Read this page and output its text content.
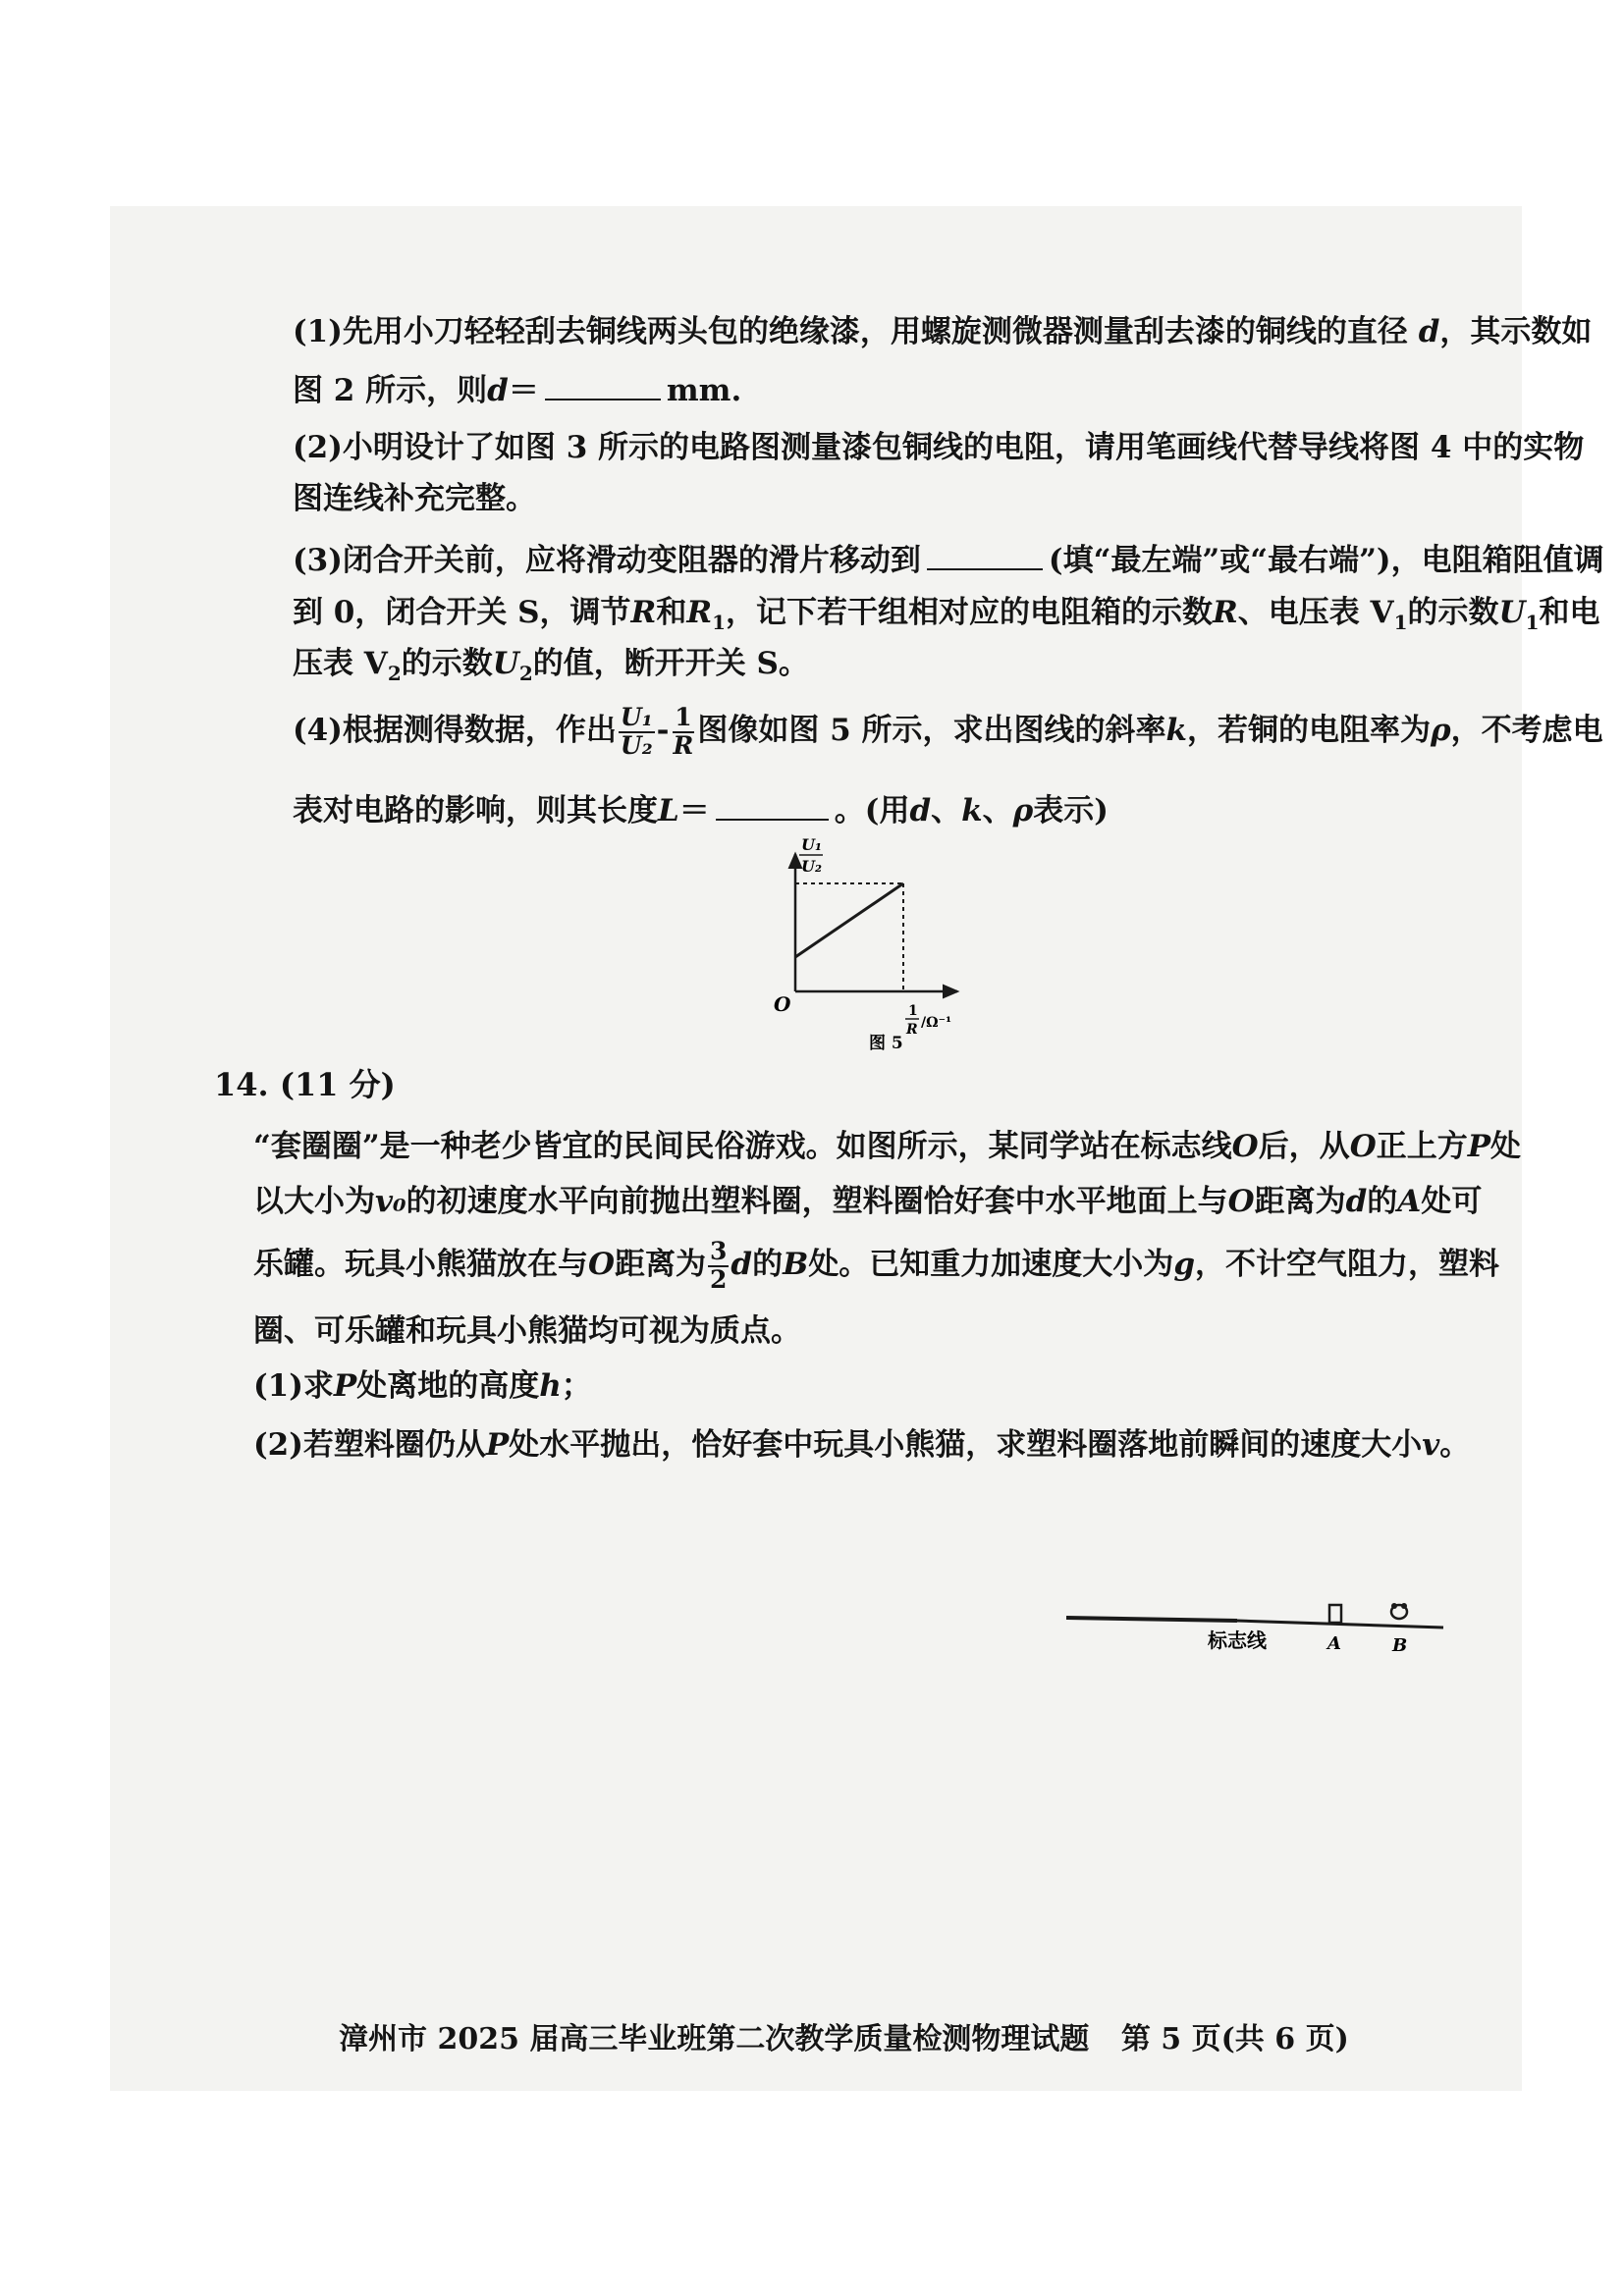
(1)先用小刀轻轻刮去铜线两头包的绝缘漆，用螺旋测微器测量刮去漆的铜线的直径 d，其示数如
图 2 所示，则d＝	mm.
(2)小明设计了如图 3 所示的电路图测量漆包铜线的电阻，请用笔画线代替导线将图 4 中的实物
图连线补充完整。
(3)闭合开关前，应将滑动变阻器的滑片移动到	(填“最左端”或“最右端”)，电阻箱阻值调
到 0，闭合开关 S，调节R和$R_1$，记下若干组相对应的电阻箱的示数R、电压表 $V_1$的示数$U_1$和电
压表 $V_2$的示数$U_2$的值，断开开关 S。
(4)根据测得数据，作出 $\frac{\text{U₁}}{\text{U₂}} - \frac{1}{R}$ 图像如图 5 所示，求出图线的斜率k，若铜的电阻率为ρ，不考虑电
表对电路的影响，则其长度L＝	。(用d、k、ρ表示)
U₁
U₂
O	1
R /Ω⁻¹
图 5
14. (11 分)
“套圈圈”是一种老少皆宜的民间民俗游戏。如图所示，某同学站在标志线O后，从O正上方P处
以大小为v₀的初速度水平向前抛出塑料圈，塑料圈恰好套中水平地面上与O距离为d的A处可
乐罐。玩具小熊猫放在与O距离为 $\frac{3}{2}$ d的B处。已知重力加速度大小为g，不计空气阻力，塑料
圈、可乐罐和玩具小熊猫均可视为质点。
(1)求P处离地的高度h；
(2)若塑料圈仍从P处水平抛出，恰好套中玩具小熊猫，求塑料圈落地前瞬间的速度大小v。
标志线	A	B
漳州市 2025 届高三毕业班第二次教学质量检测物理试题 第 5 页(共 6 页)
